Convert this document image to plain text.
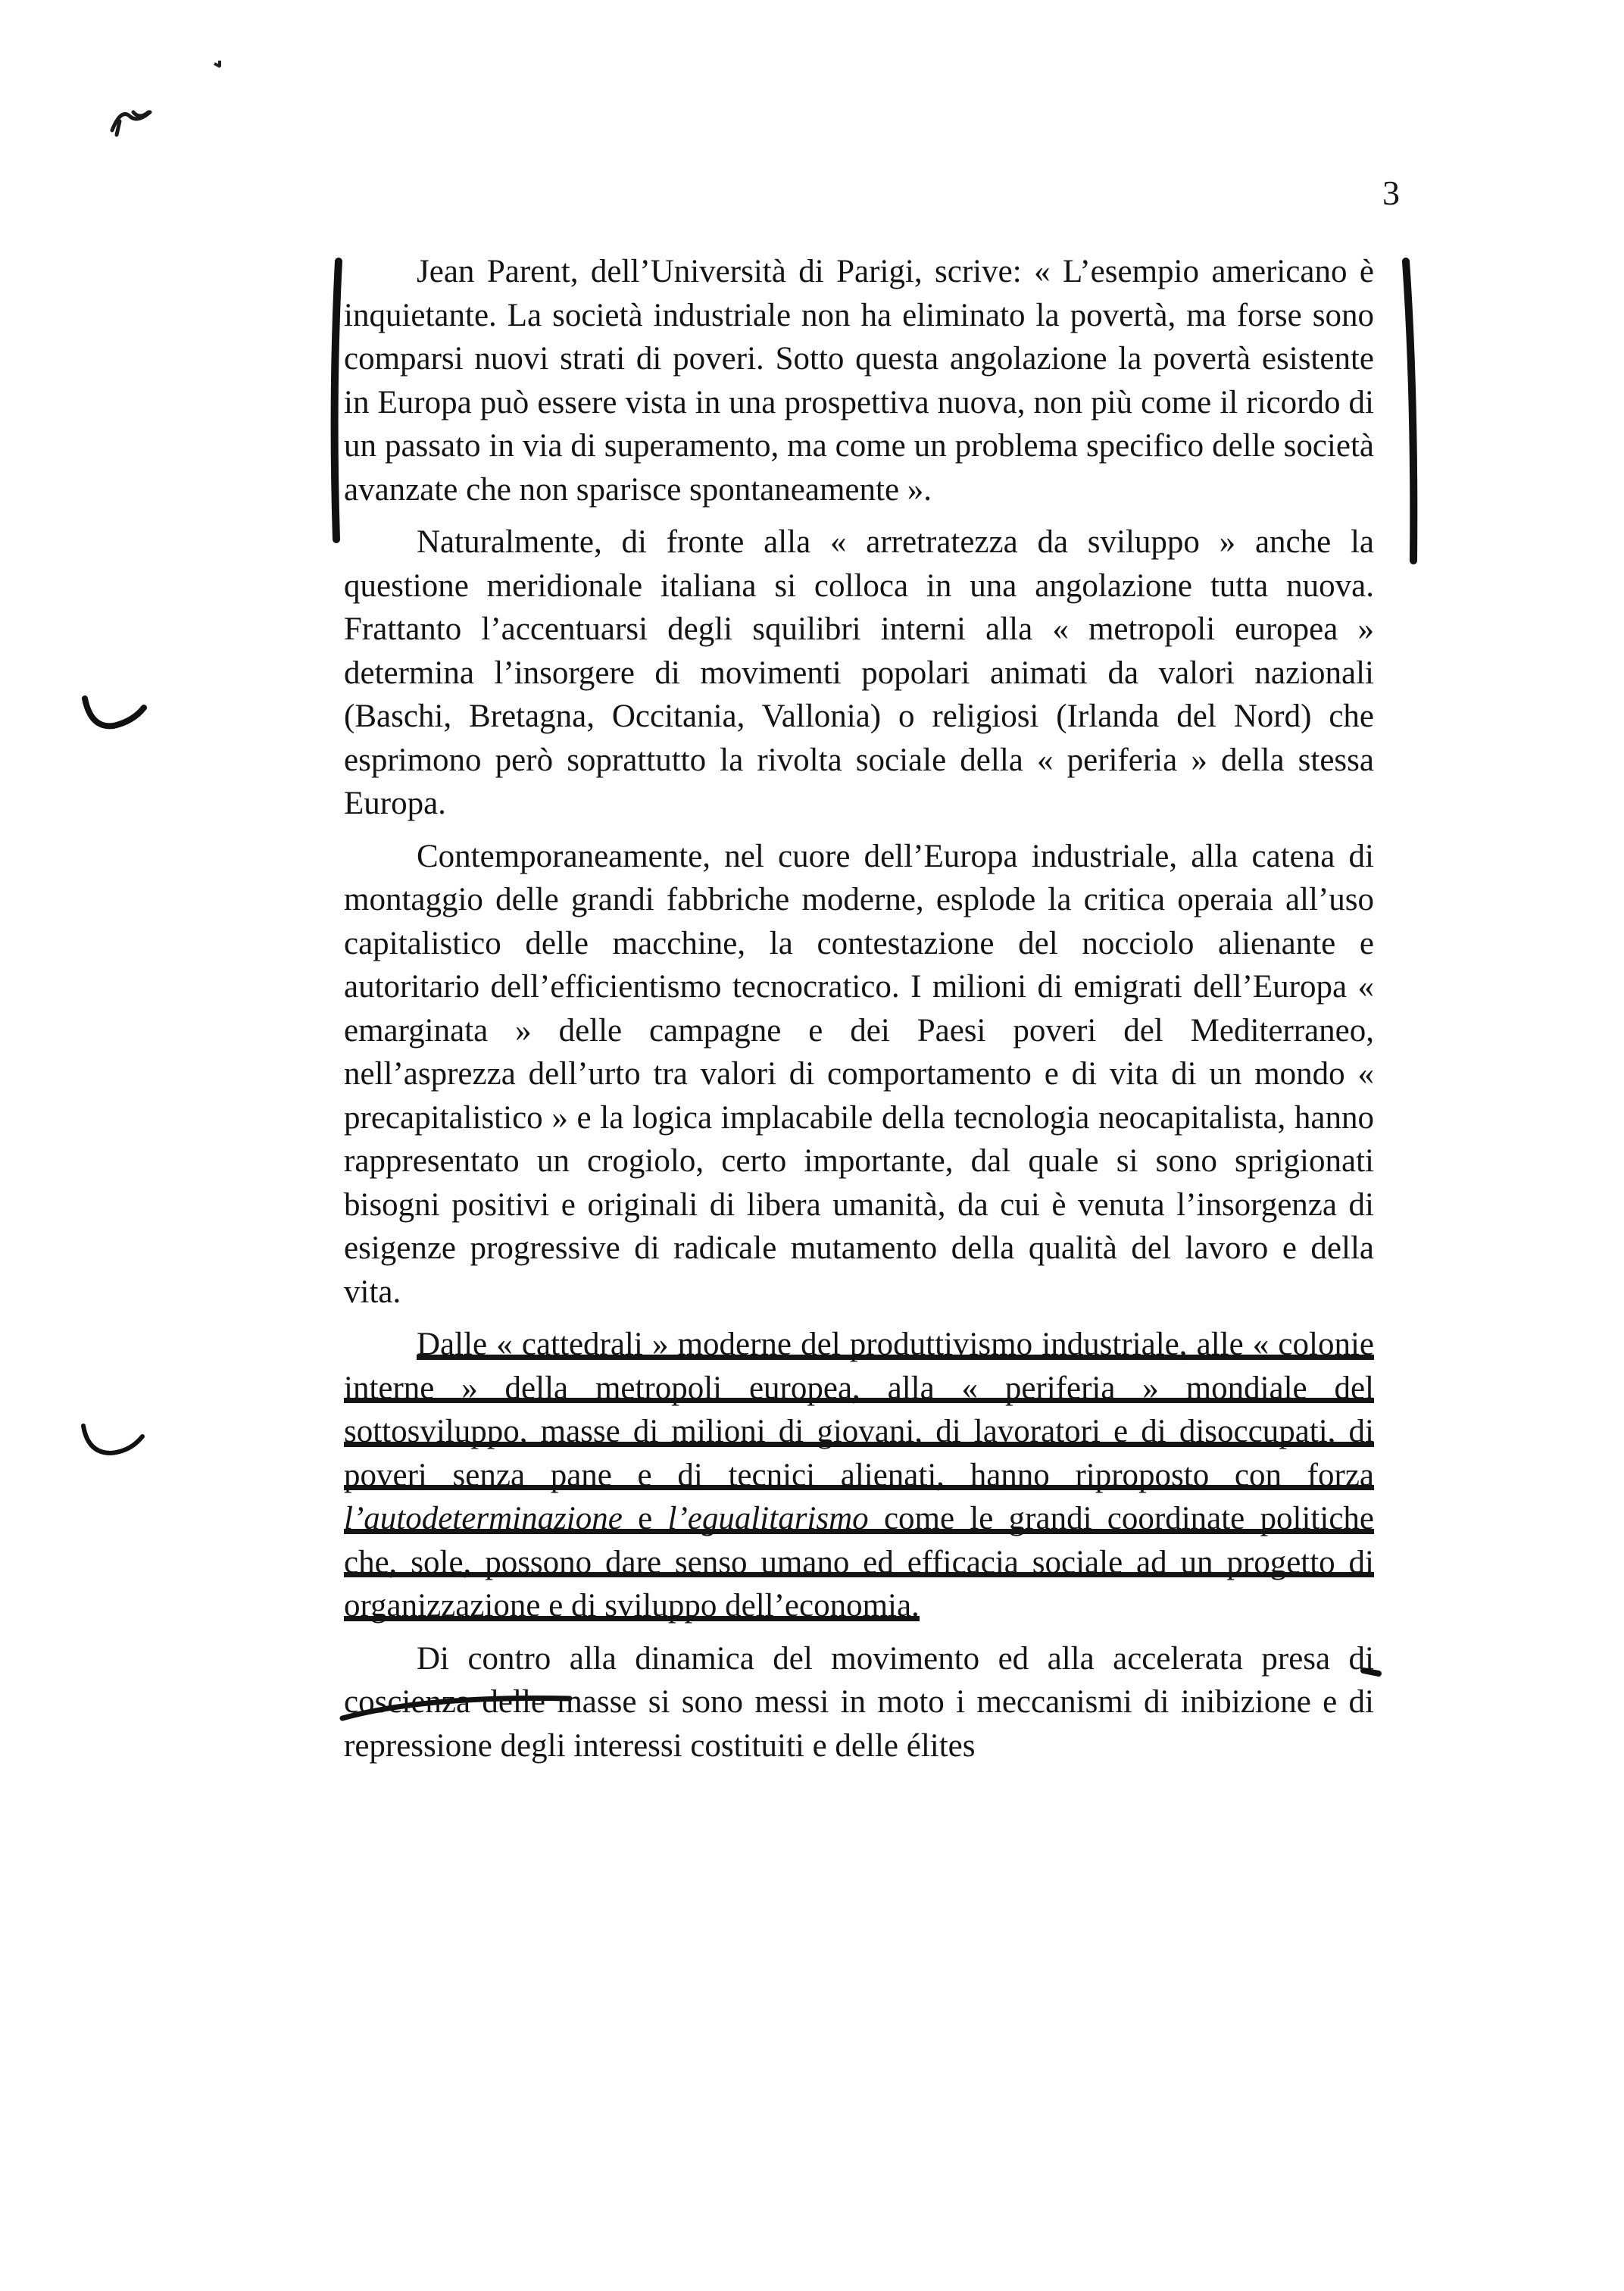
3

Jean Parent, dell’Università di Parigi, scrive: « L’esempio americano è inquietante. La società industriale non ha eliminato la povertà, ma forse sono comparsi nuovi strati di poveri. Sotto questa angolazione la povertà esistente in Europa può essere vista in una prospettiva nuova, non più come il ricordo di un passato in via di superamento, ma come un problema specifico delle società avanzate che non sparisce spontaneamente ».

Naturalmente, di fronte alla « arretratezza da sviluppo » anche la questione meridionale italiana si colloca in una angolazione tutta nuova. Frattanto l’accentuarsi degli squilibri interni alla « metropoli europea » determina l’insorgere di movimenti popolari animati da valori nazionali (Baschi, Bretagna, Occitania, Vallonia) o religiosi (Irlanda del Nord) che esprimono però soprattutto la rivolta sociale della « periferia » della stessa Europa.

Contemporaneamente, nel cuore dell’Europa industriale, alla catena di montaggio delle grandi fabbriche moderne, esplode la critica operaia all’uso capitalistico delle macchine, la contestazione del nocciolo alienante e autoritario dell’efficientismo tecnocratico. I milioni di emigrati dell’Europa « emarginata » delle campagne e dei Paesi poveri del Mediterraneo, nell’asprezza dell’urto tra valori di comportamento e di vita di un mondo « precapitalistico » e la logica implacabile della tecnologia neocapitalista, hanno rappresentato un crogiolo, certo importante, dal quale si sono sprigionati bisogni positivi e originali di libera umanità, da cui è venuta l’insorgenza di esigenze progressive di radicale mutamento della qualità del lavoro e della vita.

Dalle « cattedrali » moderne del produttivismo industriale, alle « colonie interne » della metropoli europea, alla « periferia » mondiale del sottosviluppo, masse di milioni di giovani, di lavoratori e di disoccupati, di poveri senza pane e di tecnici alienati, hanno riproposto con forza l’autodeterminazione e l’egualitarismo come le grandi coordinate politiche che, sole, possono dare senso umano ed efficacia sociale ad un progetto di organizzazione e di sviluppo dell’economia.

Di contro alla dinamica del movimento ed alla accelerata presa di coscienza delle masse si sono messi in moto i meccanismi di inibizione e di repressione degli interessi costituiti e delle élites
